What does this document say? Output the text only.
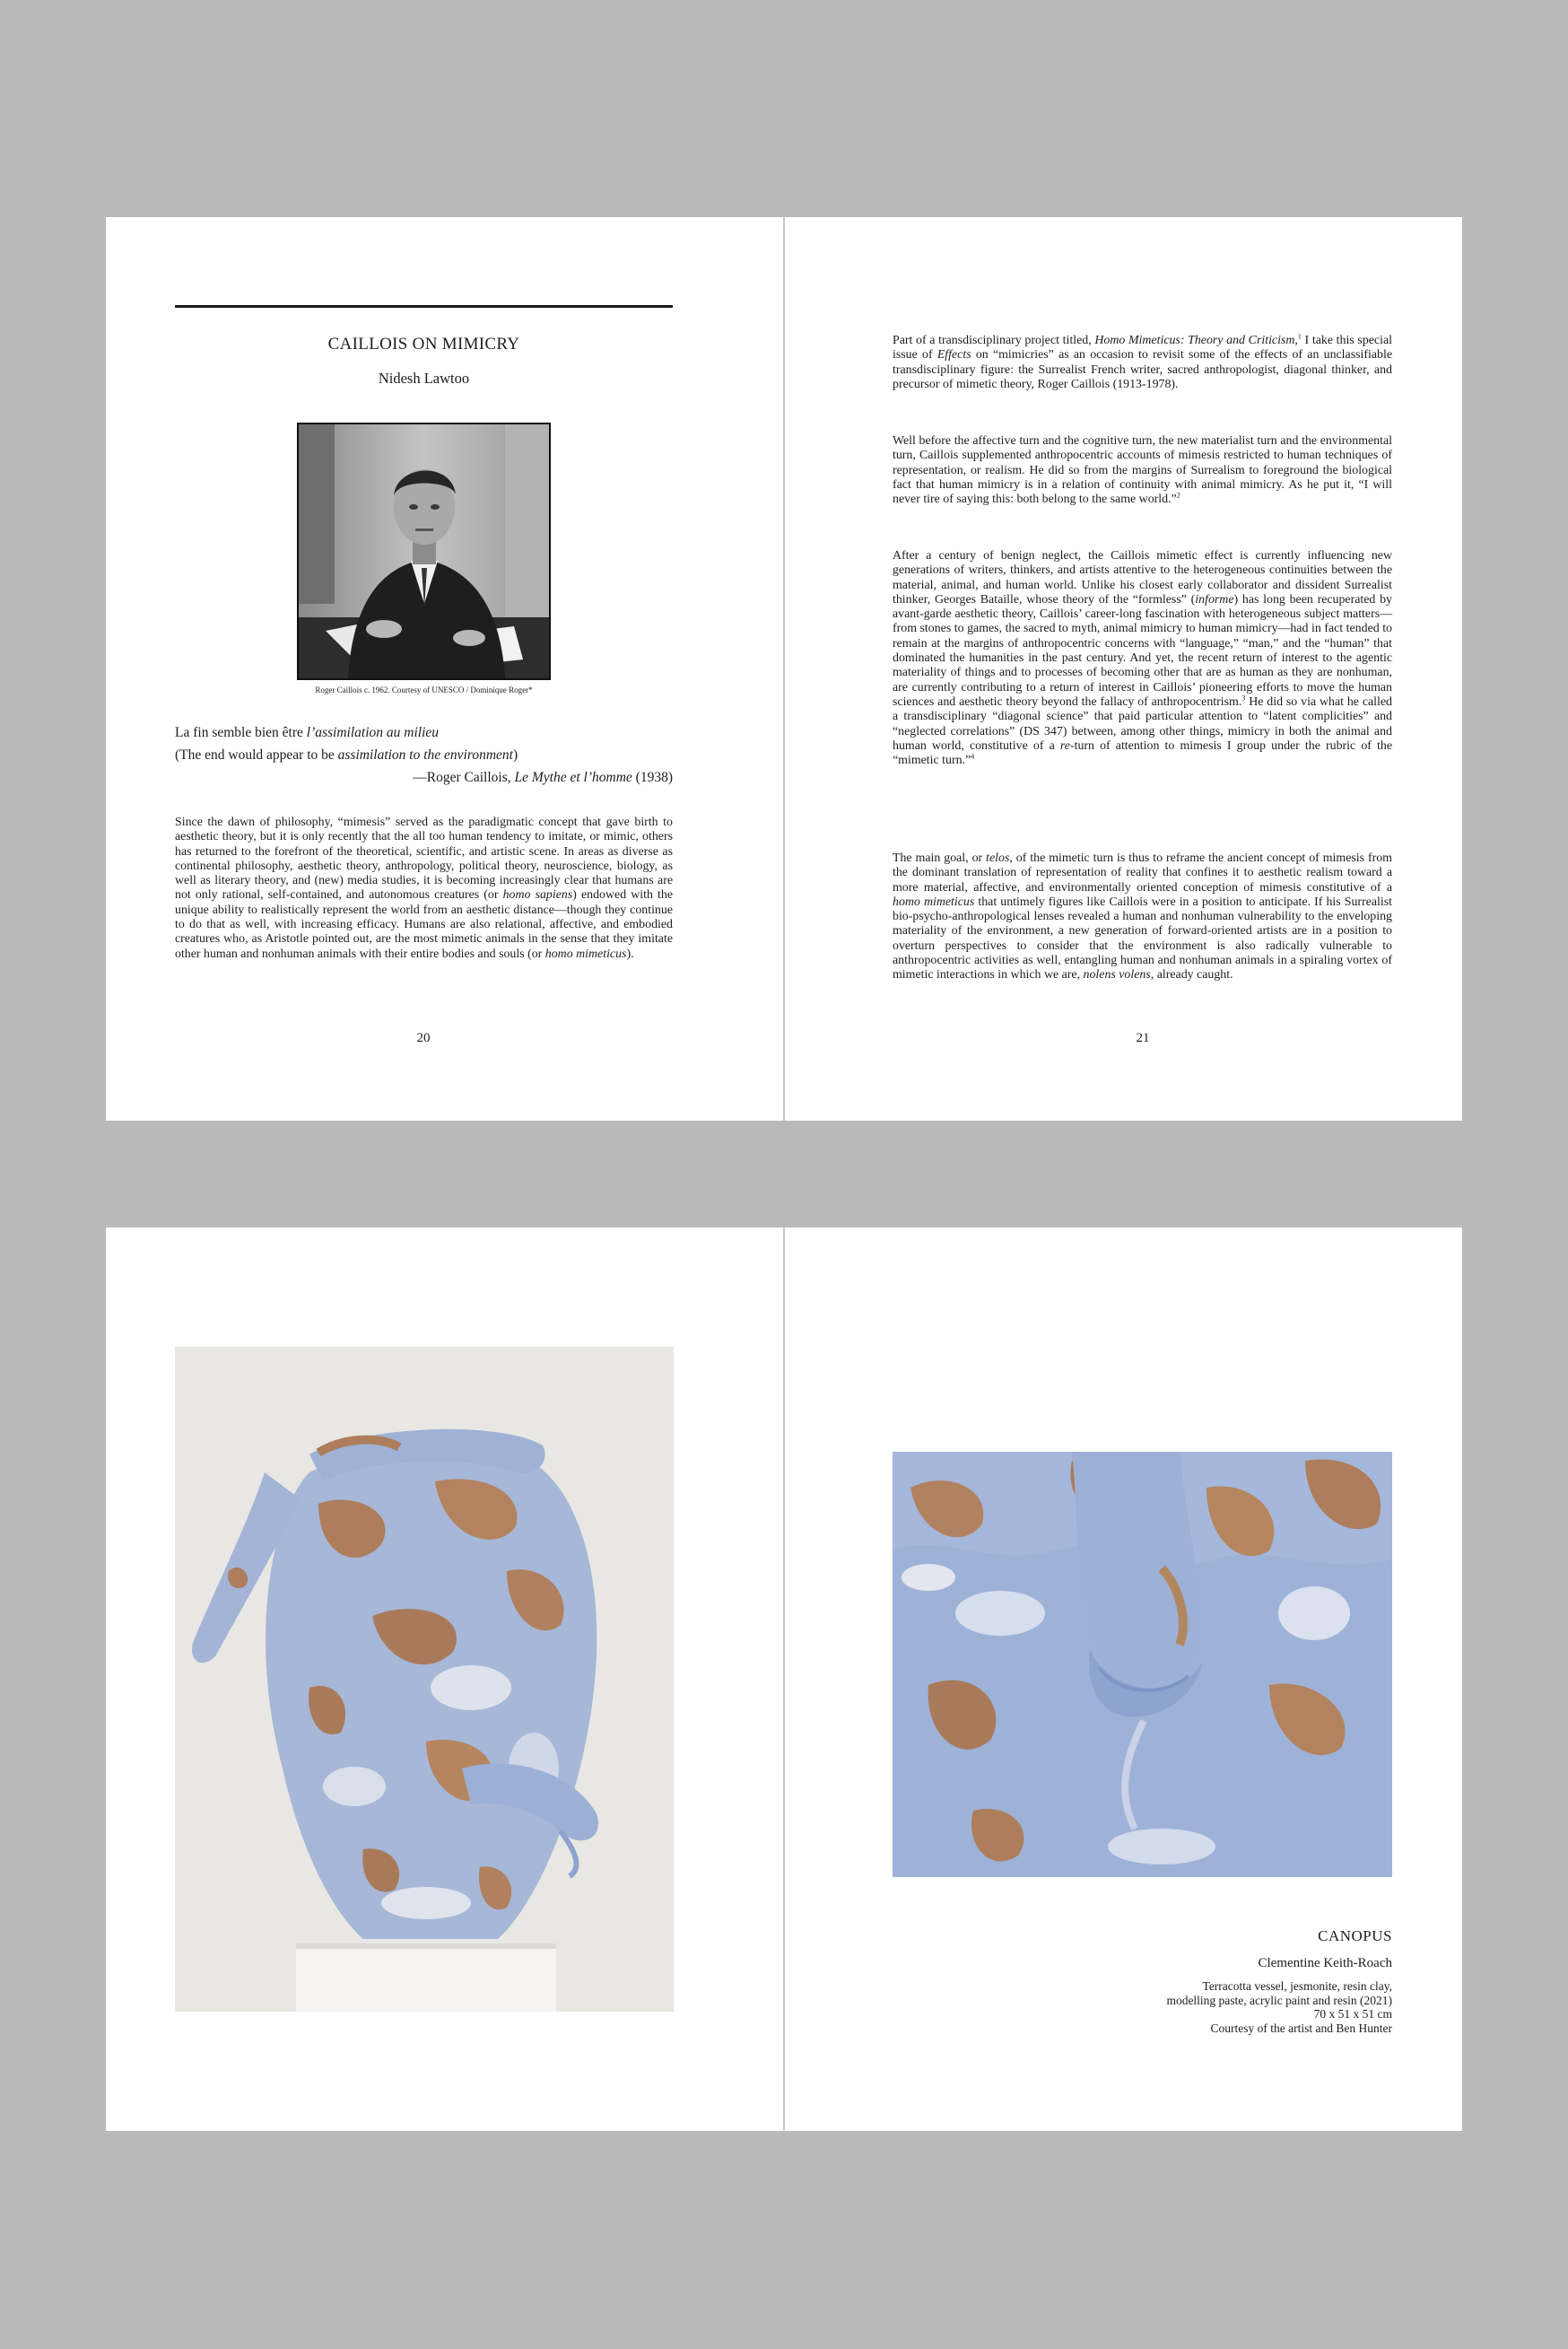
CAILLOIS ON MIMICRY
Nidesh Lawtoo
Roger Caillois c. 1962. Courtesy of UNESCO / Dominique Roger*
La fin semble bien être l’assimilation au milieu
(The end would appear to be assimilation to the environment)
—Roger Caillois, Le Mythe et l’homme (1938)

Since the dawn of philosophy, “mimesis” served as the paradigmatic concept that gave birth to aesthetic theory, but it is only recently that the all too human tendency to imitate, or mimic, others has returned to the forefront of the theoretical, scientific, and artistic scene. In areas as diverse as continental philosophy, aesthetic theory, anthropology, political theory, neuroscience, biology, as well as literary theory, and (new) media studies, it is becoming increasingly clear that humans are not only rational, self-contained, and autonomous creatures (or homo sapiens) endowed with the unique ability to realistically represent the world from an aesthetic distance—though they continue to do that as well, with increasing efficacy. Humans are also relational, affective, and embodied creatures who, as Aristotle pointed out, are the most mimetic animals in the sense that they imitate other human and nonhuman animals with their entire bodies and souls (or homo mimeticus).

20

Part of a transdisciplinary project titled, Homo Mimeticus: Theory and Criticism,$^1$ I take this special issue of Effects on “mimicries” as an occasion to revisit some of the effects of an unclassifiable transdisciplinary figure: the Surrealist French writer, sacred anthropologist, diagonal thinker, and precursor of mimetic theory, Roger Caillois (1913-1978).

Well before the affective turn and the cognitive turn, the new materialist turn and the environmental turn, Caillois supplemented anthropocentric accounts of mimesis restricted to human techniques of representation, or realism. He did so from the margins of Surrealism to foreground the biological fact that human mimicry is in a relation of continuity with animal mimicry. As he put it, “I will never tire of saying this: both belong to the same world.”$^2$

After a century of benign neglect, the Caillois mimetic effect is currently influencing new generations of writers, thinkers, and artists attentive to the heterogeneous continuities between the material, animal, and human world. Unlike his closest early collaborator and dissident Surrealist thinker, Georges Bataille, whose theory of the “formless” (informe) has long been recuperated by avant-garde aesthetic theory, Caillois’ career-long fascination with heterogeneous subject matters—from stones to games, the sacred to myth, animal mimicry to human mimicry—had in fact tended to remain at the margins of anthropocentric concerns with “language,” “man,” and the “human” that dominated the humanities in the past century. And yet, the recent return of interest to the agentic materiality of things and to processes of becoming other that are as human as they are nonhuman, are currently contributing to a return of interest in Caillois’ pioneering efforts to move the human sciences and aesthetic theory beyond the fallacy of anthropocentrism.$^3$ He did so via what he called a transdisciplinary “diagonal science” that paid particular attention to “latent complicities” and “neglected correlations” (DS 347) between, among other things, mimicry in both the animal and human world, constitutive of a re-turn of attention to mimesis I group under the rubric of the “mimetic turn.”$^4$

The main goal, or telos, of the mimetic turn is thus to reframe the ancient concept of mimesis from the dominant translation of representation of reality that confines it to aesthetic realism toward a more material, affective, and environmentally oriented conception of mimesis constitutive of a homo mimeticus that untimely figures like Caillois were in a position to anticipate. If his Surrealist bio-psycho-anthropological lenses revealed a human and nonhuman vulnerability to the enveloping materiality of the environment, a new generation of forward-oriented artists are in a position to overturn perspectives to consider that the environment is also radically vulnerable to anthropocentric activities as well, entangling human and nonhuman animals in a spiraling vortex of mimetic interactions in which we are, nolens volens, already caught.

21
CANOPUS
Clementine Keith-Roach
Terracotta vessel, jesmonite, resin clay,
modelling paste, acrylic paint and resin (2021)
70 x 51 x 51 cm
Courtesy of the artist and Ben Hunter
